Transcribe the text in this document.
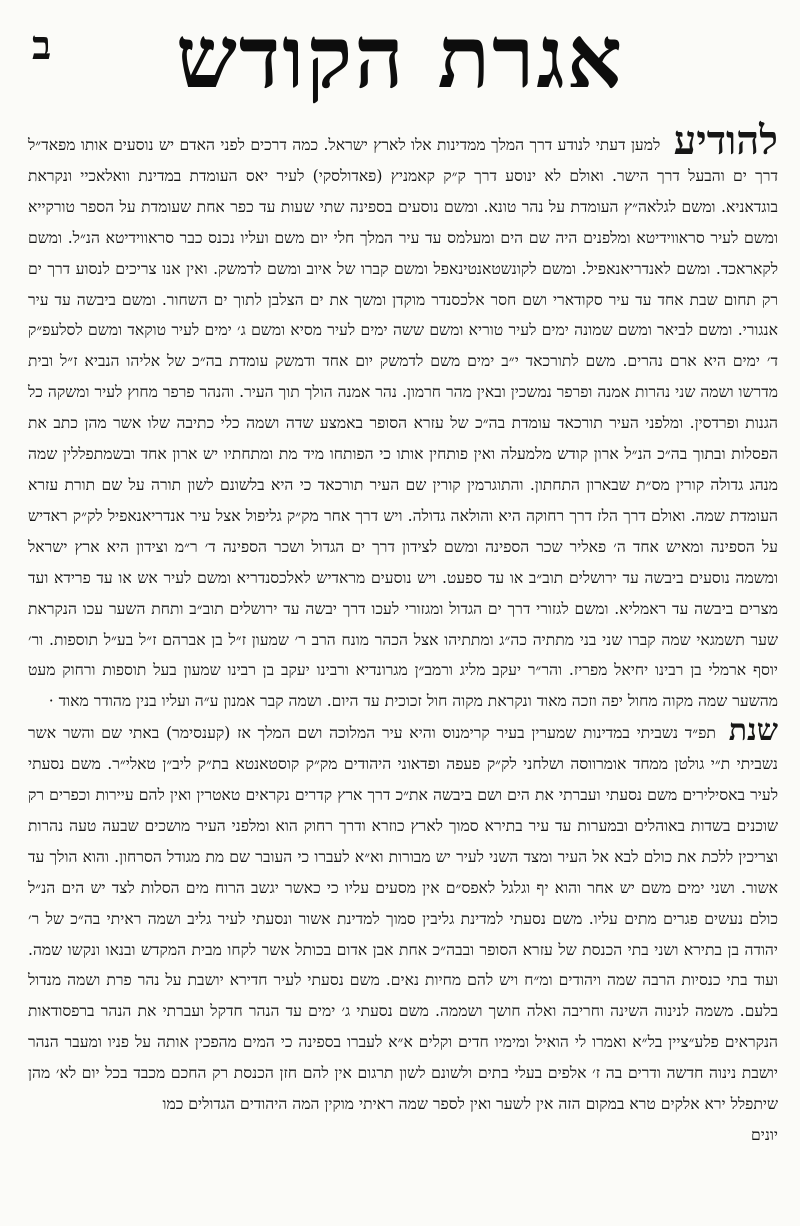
ב	אגרת הקודש

להודיע למען דעתי לנודע דרך המלך ממדינות אלו לארץ ישראל. כמה דרכים לפני האדם יש נוסעים אותו מפאד״ל דרך ים והבעל דרך הישר. ואולם לא ינוסע דרך ק״ק קאמניץ (פאדולסקי) לעיר יאס העומדת במדינת וואלאכיי ונקראת בוגדאניא. ומשם לגלאה״ץ העומדת על נהר טונא. ומשם נוסעים בספינה שתי שעות עד כפר אחת שעומדת על הספר טורקייא ומשם לעיר סראווידיטא ומלפנים היה שם הים ומעלמס עד עיר המלך חלי יום משם ועליו נכנס כבר סראווידיטא הנ״ל. ומשם לקאראכד. ומשם לאנדריאנאפיל. ומשם לקונשטאנטינאפל ומשם קברו של איוב ומשם לדמשק. ואין אנו צריכים לנסוע דרך ים רק תחום שבת אחד עד עיר סקודארי ושם חסר אלכסנדר מוקדן ומשך את ים הצלבן לתוך ים השחור. ומשם ביבשה עד עיר אנגורי. ומשם לביאר ומשם שמונה ימים לעיר טוריא ומשם ששה ימים לעיר מסיא ומשם ג׳ ימים לעיר טוקאד ומשם לסלעפ״ק ד׳ ימים היא ארם נהרים. משם לתורכאד י״ב ימים משם לדמשק יום אחד ודמשק עומדת בה״כ של אליהו הנביא ז״ל ובית מדרשו ושמה שני נהרות אמנה ופרפר נמשכין ובאין מהר חרמון. נהר אמנה הולך תוך העיר. והנהר פרפר מחוץ לעיר ומשקה כל הגנות ופרדסין. ומלפני העיר תורכאד עומדת בה״כ של עזרא הסופר באמצע שדה ושמה כלי כתיבה שלו אשר מהן כתב את הפסלות ובתוך בה״כ הנ״ל ארון קודש מלמעלה ואין פותחין אותו כי הפותחו מיד מת ומתחתיו יש ארון אחד ובשמתפללין שמה מנהג גדולה קורין מס״ת שבארון התחתון. והתוגרמין קורין שם העיר תורכאד כי היא בלשונם לשון תורה על שם תורת עזרא העומדת שמה. ואולם דרך הלז דרך רחוקה היא והולאה גדולה. ויש דרך אחר מק״ק גליפול אצל עיר אנדריאנאפיל לק״ק ראדיש על הספינה ומאיש אחד ה׳ פאליר שכר הספינה ומשם לצידון דרך ים הגדול ושכר הספינה ד׳ ר״מ וצידון היא ארץ ישראל ומשמה נוסעים ביבשה עד ירושלים תוב״ב או עד ספעט. ויש נוסעים מראדיש לאלכסנדריא ומשם לעיר אש או עד פרידא ועד מצרים ביבשה עד ראמליא. ומשם לגזורי דרך ים הגדול ומגזורי לעכו דרך יבשה עד ירושלים תוב״ב ותחת השער עכו הנקראת שער תשמגאי שמה קברו שני בני מתתיה כה״ג ומתתיהו אצל הכהר מונח הרב ר׳ שמעון ז״ל בן אברהם ז״ל בע״ל תוספות. ור׳ יוסף ארמלי בן רבינו יחיאל מפריז. והר״ר יעקב מליג ורמב״ן מגרונדיא ורבינו יעקב בן רבינו שמעון בעל תוספות ורחוק מעט מהשער שמה מקוה מחול יפה וזכה מאוד ונקראת מקוה חול זכוכית עד היום. ושמה קבר אמנון ע״ה ועליו בנין מהודר מאוד ·

שנת תפ״ד נשביתי במדינות שמערין בעיר קרימנוס והיא עיר המלוכה ושם המלך אז (קענסימר) באתי שם והשר אשר נשביתי ת״י גולטן ממחד אומרווסה ושלחני לק״ק פעפה ופדאוני היהודים מק״ק קוסטאנטא בת״ק ליב״ן טאלי״ר. משם נסעתי לעיר באסילירים משם נסעתי ועברתי את הים ושם ביבשה את״כ דרך ארץ קדרים נקראים טאטרין ואין להם עיירות וכפרים רק שוכנים בשדות באוהלים ובמערות עד עיר בתירא סמוך לארץ כוזרא ודרך רחוק הוא ומלפני העיר מושכים שבעה טעה נהרות וצריכין ללכת את כולם לבא אל העיר ומצד השני לעיר יש מבורות וא״א לעברו כי העובר שם מת מגודל הסרחון. והוא הולך עד אשור. ושני ימים משם יש אחר והוא יף וגלגל לאפס״ם אין מסעים עליו כי כאשר יגשב הרוח מים הסלות לצד יש הים הנ״ל כולם נעשים פגרים מתים עליו. משם נסעתי למדינת גליבין סמוך למדינת אשור ונסעתי לעיר גליב ושמה ראיתי בה״כ של ר׳ יהודה בן בתירא ושני בתי הכנסת של עזרא הסופר ובבה״כ אחת אבן אדום בכותל אשר לקחו מבית המקדש ובנאו ונקשו שמה. ועוד בתי כנסיות הרבה שמה ויהודים ומ״ח ויש להם מחיות נאים. משם נסעתי לעיר חדירא יושבת על נהר פרת ושמה מנדול בלעם. משמה לנינוה השינה וחריבה ואלה חושך ושממה. משם נסעתי ג׳ ימים עד הנהר חדקל ועברתי את הנהר ברפסודאות הנקראים פלע״ציין בל״א ואמרו לי הואיל ומימיו חדים וקלים א״א לעברו בספינה כי המים מהפכין אותה על פניו ומעבר הנהר יושבת נינוה חדשה ודרים בה ז׳ אלפים בעלי בתים ולשונם לשון תרגום אין להם חזן הכנסת רק החכם מכבד בכל יום לא׳ מהן שיתפלל ירא אלקים טרא במקום הזה אין לשער ואין לספר שמה ראיתי מוקין המה היהודים הגדולים כמו

יונים
